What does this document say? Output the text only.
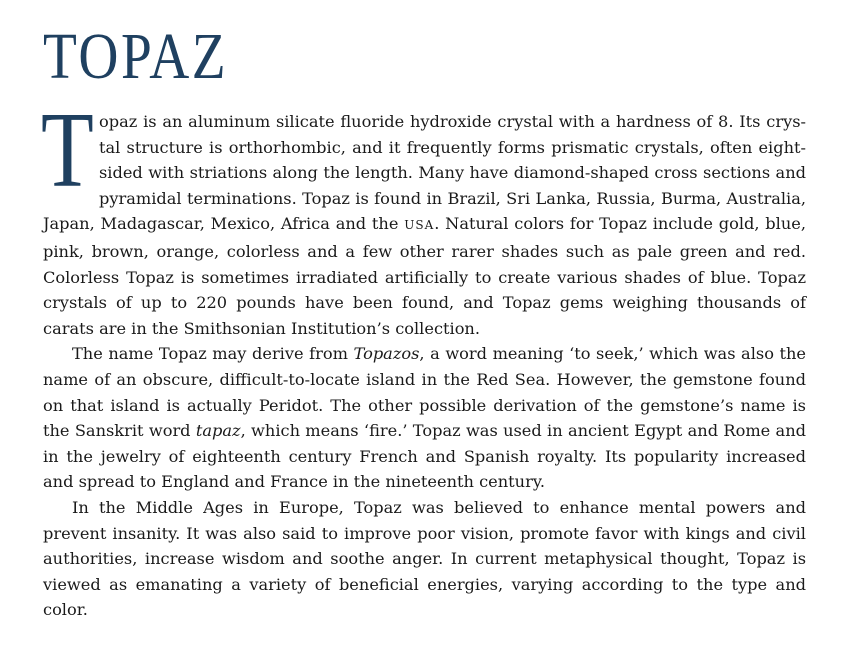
TOPAZ

Topaz is an aluminum silicate fluoride hydroxide crystal with a hardness of 8. Its crystal structure is orthorhombic, and it frequently forms prismatic crystals, often eight-sided with striations along the length. Many have diamond-shaped cross sections and pyramidal terminations. Topaz is found in Brazil, Sri Lanka, Russia, Burma, Australia, Japan, Madagascar, Mexico, Africa and the USA. Natural colors for Topaz include gold, blue, pink, brown, orange, colorless and a few other rarer shades such as pale green and red. Colorless Topaz is sometimes irradiated artificially to create various shades of blue. Topaz crystals of up to 220 pounds have been found, and Topaz gems weighing thousands of carats are in the Smithsonian Institution’s collection.

The name Topaz may derive from Topazos, a word meaning ‘to seek,’ which was also the name of an obscure, difficult-to-locate island in the Red Sea. However, the gemstone found on that island is actually Peridot. The other possible derivation of the gemstone’s name is the Sanskrit word tapaz, which means ‘fire.’ Topaz was used in ancient Egypt and Rome and in the jewelry of eighteenth century French and Spanish royalty. Its popularity increased and spread to England and France in the nineteenth century.

In the Middle Ages in Europe, Topaz was believed to enhance mental powers and prevent insanity. It was also said to improve poor vision, promote favor with kings and civil authorities, increase wisdom and soothe anger. In current metaphysical thought, Topaz is viewed as emanating a variety of beneficial energies, varying according to the type and color.
